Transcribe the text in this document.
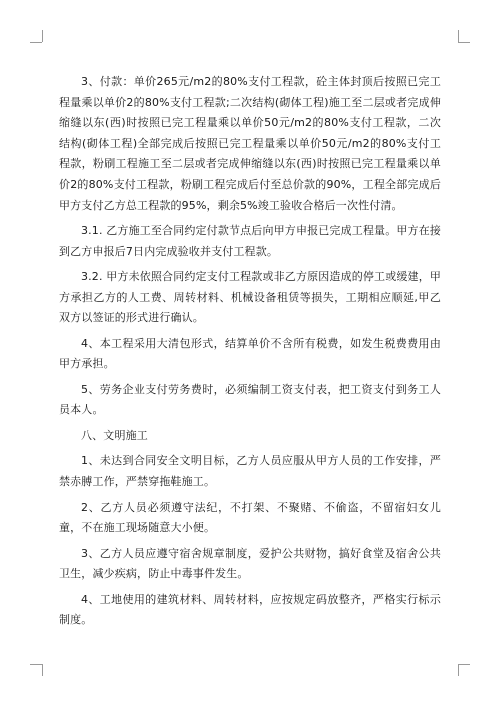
3、付款：单价265元/m2的80%支付工程款，砼主体封顶后按照已完工程量乘以单价2的80%支付工程款;二次结构(砌体工程)施工至二层或者完成伸缩缝以东(西)时按照已完工程量乘以单价50元/m2的80%支付工程款，二次结构(砌体工程)全部完成后按照已完工程量乘以单价50元/m2的80%支付工程款，粉刷工程施工至二层或者完成伸缩缝以东(西)时按照已完工程量乘以单价2的80%支付工程款，粉刷工程完成后付至总价款的90%，工程全部完成后甲方支付乙方总工程款的95%，剩余5%竣工验收合格后一次性付清。

3.1. 乙方施工至合同约定付款节点后向甲方申报已完成工程量。甲方在接到乙方申报后7日内完成验收并支付工程款。

3.2. 甲方未依照合同约定支付工程款或非乙方原因造成的停工或缓建，甲方承担乙方的人工费、周转材料、机械设备租赁等损失，工期相应顺延,甲乙双方以签证的形式进行确认。

4、本工程采用大清包形式，结算单价不含所有税费，如发生税费费用由甲方承担。

5、劳务企业支付劳务费时，必须编制工资支付表，把工资支付到务工人员本人。

八、文明施工

1、未达到合同安全文明目标，乙方人员应服从甲方人员的工作安排，严禁赤膊工作，严禁穿拖鞋施工。

2、乙方人员必须遵守法纪，不打架、不聚赌、不偷盗，不留宿妇女儿童，不在施工现场随意大小便。

3、乙方人员应遵守宿舍规章制度，爱护公共财物，搞好食堂及宿舍公共卫生，减少疾病，防止中毒事件发生。

4、工地使用的建筑材料、周转材料，应按规定码放整齐，严格实行标示制度。
